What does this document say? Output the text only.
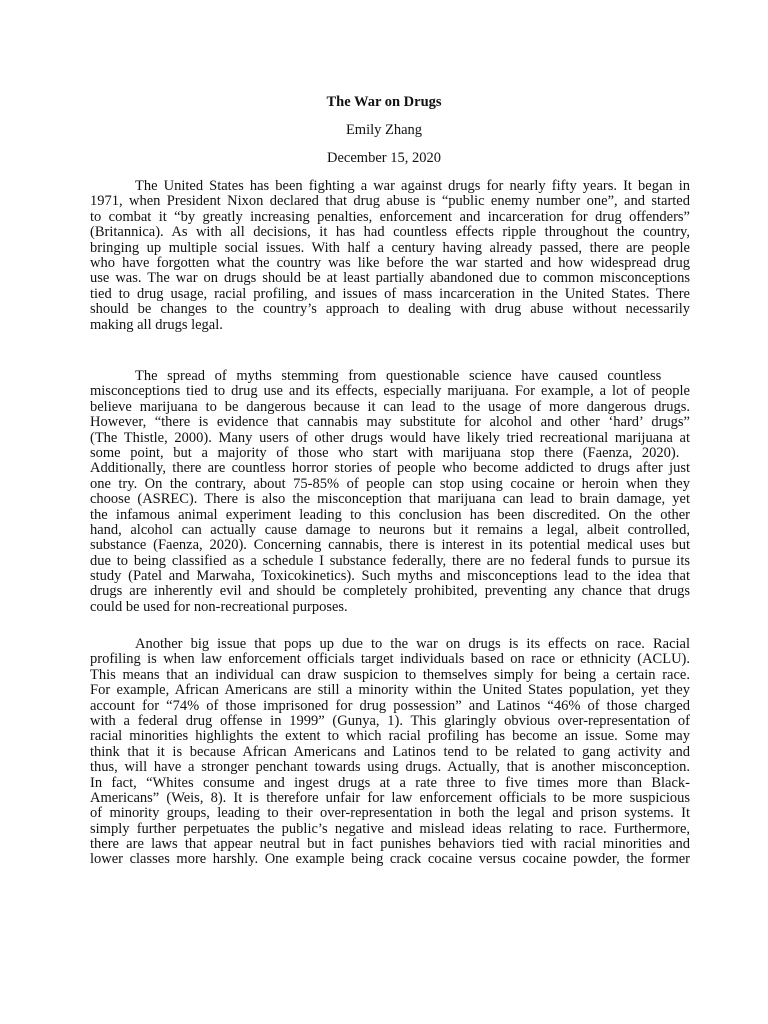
The War on Drugs
Emily Zhang
December 15, 2020
The United States has been fighting a war against drugs for nearly fifty years. It began in
1971, when President Nixon declared that drug abuse is “public enemy number one”, and started
to combat it “by greatly increasing penalties, enforcement and incarceration for drug offenders”
(Britannica). As with all decisions, it has had countless effects ripple throughout the country,
bringing up multiple social issues. With half a century having already passed, there are people
who have forgotten what the country was like before the war started and how widespread drug
use was. The war on drugs should be at least partially abandoned due to common misconceptions
tied to drug usage, racial profiling, and issues of mass incarceration in the United States. There
should be changes to the country’s approach to dealing with drug abuse without necessarily
making all drugs legal.
The spread of myths stemming from questionable science have caused countless
misconceptions tied to drug use and its effects, especially marijuana. For example, a lot of people
believe marijuana to be dangerous because it can lead to the usage of more dangerous drugs.
However, “there is evidence that cannabis may substitute for alcohol and other ‘hard’ drugs”
(The Thistle, 2000). Many users of other drugs would have likely tried recreational marijuana at
some point, but a majority of those who start with marijuana stop there (Faenza, 2020).
Additionally, there are countless horror stories of people who become addicted to drugs after just
one try. On the contrary, about 75-85% of people can stop using cocaine or heroin when they
choose (ASREC). There is also the misconception that marijuana can lead to brain damage, yet
the infamous animal experiment leading to this conclusion has been discredited. On the other
hand, alcohol can actually cause damage to neurons but it remains a legal, albeit controlled,
substance (Faenza, 2020). Concerning cannabis, there is interest in its potential medical uses but
due to being classified as a schedule I substance federally, there are no federal funds to pursue its
study (Patel and Marwaha, Toxicokinetics). Such myths and misconceptions lead to the idea that
drugs are inherently evil and should be completely prohibited, preventing any chance that drugs
could be used for non-recreational purposes.
Another big issue that pops up due to the war on drugs is its effects on race. Racial
profiling is when law enforcement officials target individuals based on race or ethnicity (ACLU).
This means that an individual can draw suspicion to themselves simply for being a certain race.
For example, African Americans are still a minority within the United States population, yet they
account for “74% of those imprisoned for drug possession” and Latinos “46% of those charged
with a federal drug offense in 1999” (Gunya, 1). This glaringly obvious over-representation of
racial minorities highlights the extent to which racial profiling has become an issue. Some may
think that it is because African Americans and Latinos tend to be related to gang activity and
thus, will have a stronger penchant towards using drugs. Actually, that is another misconception.
In fact, “Whites consume and ingest drugs at a rate three to five times more than Black-
Americans” (Weis, 8). It is therefore unfair for law enforcement officials to be more suspicious
of minority groups, leading to their over-representation in both the legal and prison systems. It
simply further perpetuates the public’s negative and mislead ideas relating to race. Furthermore,
there are laws that appear neutral but in fact punishes behaviors tied with racial minorities and
lower classes more harshly. One example being crack cocaine versus cocaine powder, the former
